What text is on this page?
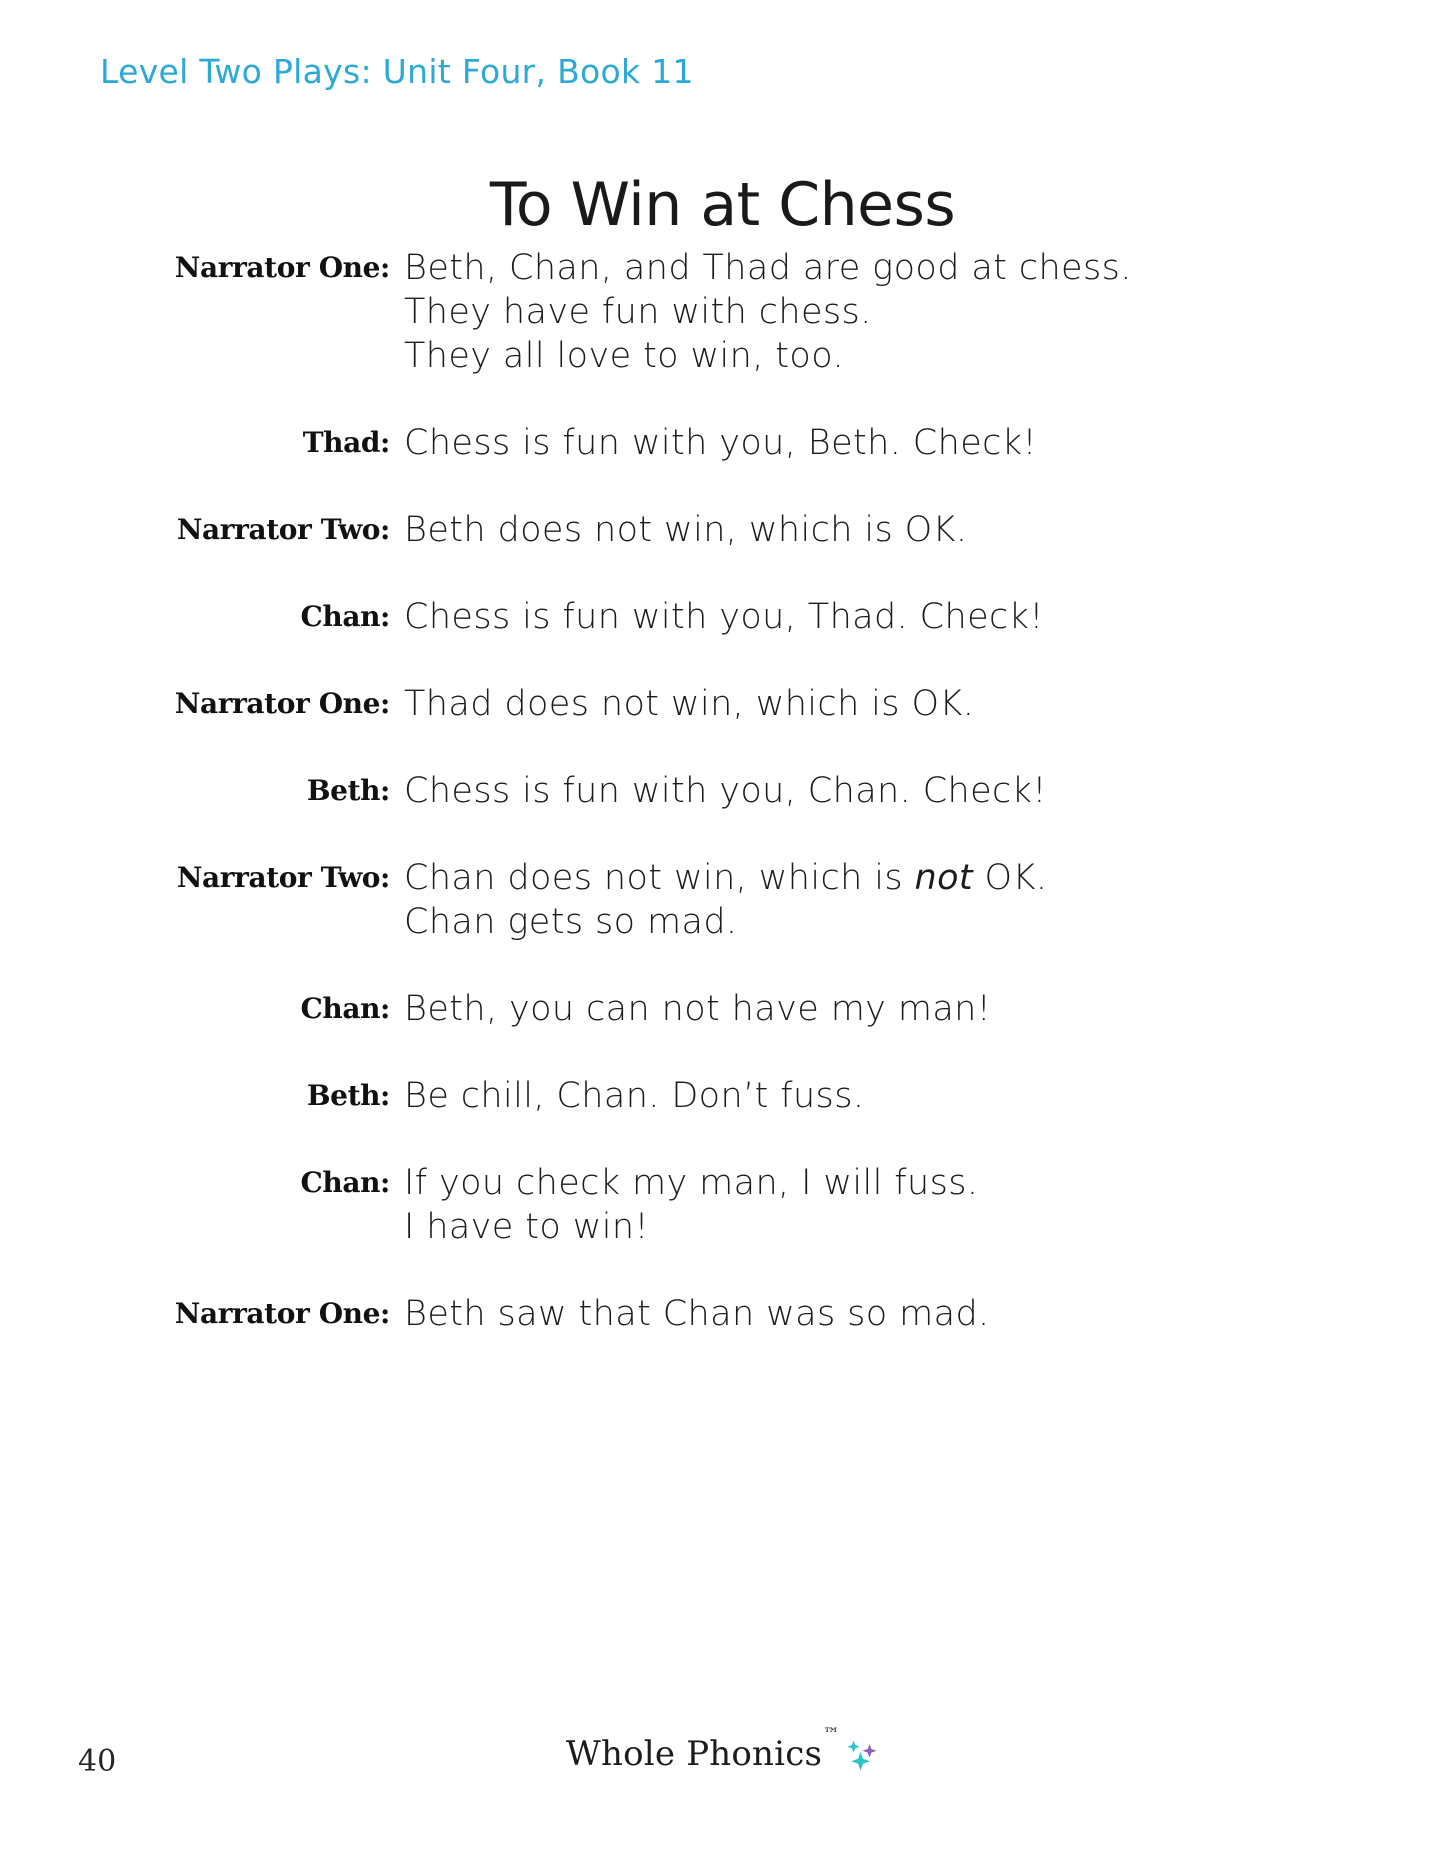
Level Two Plays: Unit Four, Book 11
To Win at Chess
Narrator One: Beth, Chan, and Thad are good at chess.
They have fun with chess.
They all love to win, too.
Thad: Chess is fun with you, Beth. Check!
Narrator Two: Beth does not win, which is OK.
Chan: Chess is fun with you, Thad. Check!
Narrator One: Thad does not win, which is OK.
Beth: Chess is fun with you, Chan. Check!
Narrator Two: Chan does not win, which is not OK.
Chan gets so mad.
Chan: Beth, you can not have my man!
Beth: Be chill, Chan. Don’t fuss.
Chan: If you check my man, I will fuss.
I have to win!
Narrator One: Beth saw that Chan was so mad.
40	Whole Phonics
™
